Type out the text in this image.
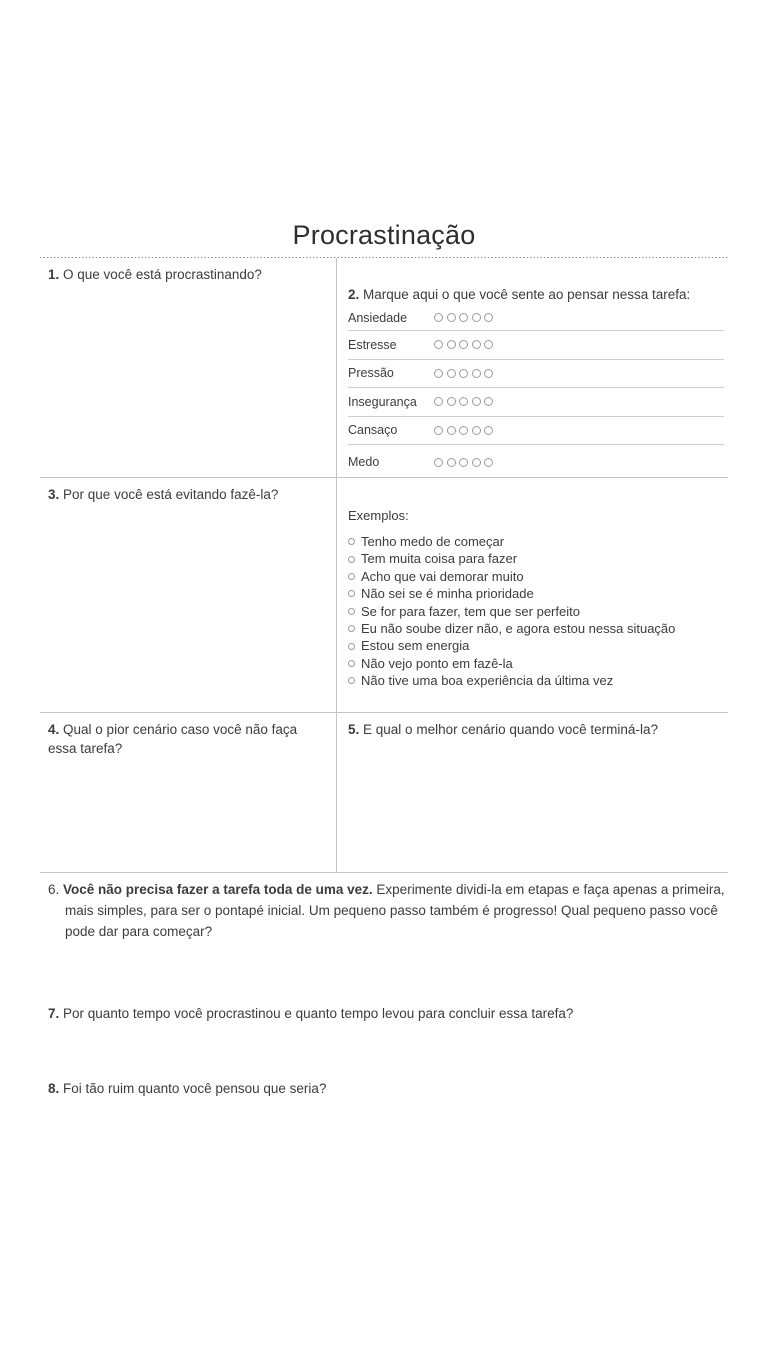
Procrastinação

1. O que você está procrastinando?

2. Marque aqui o que você sente ao pensar nessa tarefa:

Ansiedade
Estresse
Pressão
Insegurança
Cansaço
Medo

3. Por que você está evitando fazê-la?

Exemplos:

Tenho medo de começar
Tem muita coisa para fazer
Acho que vai demorar muito
Não sei se é minha prioridade
Se for para fazer, tem que ser perfeito
Eu não soube dizer não, e agora estou nessa situação
Estou sem energia
Não vejo ponto em fazê-la
Não tive uma boa experiência da última vez

4. Qual o pior cenário caso você não faça essa tarefa?

5. E qual o melhor cenário quando você terminá-la?

6. Você não precisa fazer a tarefa toda de uma vez. Experimente dividi-la em etapas e faça apenas a primeira, mais simples, para ser o pontapé inicial. Um pequeno passo também é progresso! Qual pequeno passo você pode dar para começar?

7. Por quanto tempo você procrastinou e quanto tempo levou para concluir essa tarefa?

8. Foi tão ruim quanto você pensou que seria?
